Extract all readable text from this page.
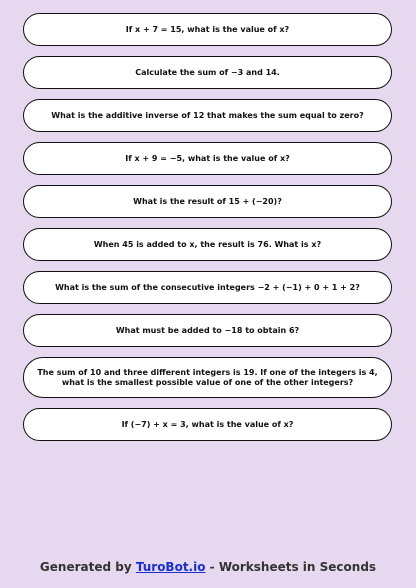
If x + 7 = 15, what is the value of x?
Calculate the sum of −3 and 14.
What is the additive inverse of 12 that makes the sum equal to zero?
If x + 9 = −5, what is the value of x?
What is the result of 15 + (−20)?
When 45 is added to x, the result is 76. What is x?
What is the sum of the consecutive integers −2 + (−1) + 0 + 1 + 2?
What must be added to −18 to obtain 6?
The sum of 10 and three different integers is 19. If one of the integers is 4, what is the smallest possible value of one of the other integers?
If (−7) + x = 3, what is the value of x?
Generated by TuroBot.io - Worksheets in Seconds
